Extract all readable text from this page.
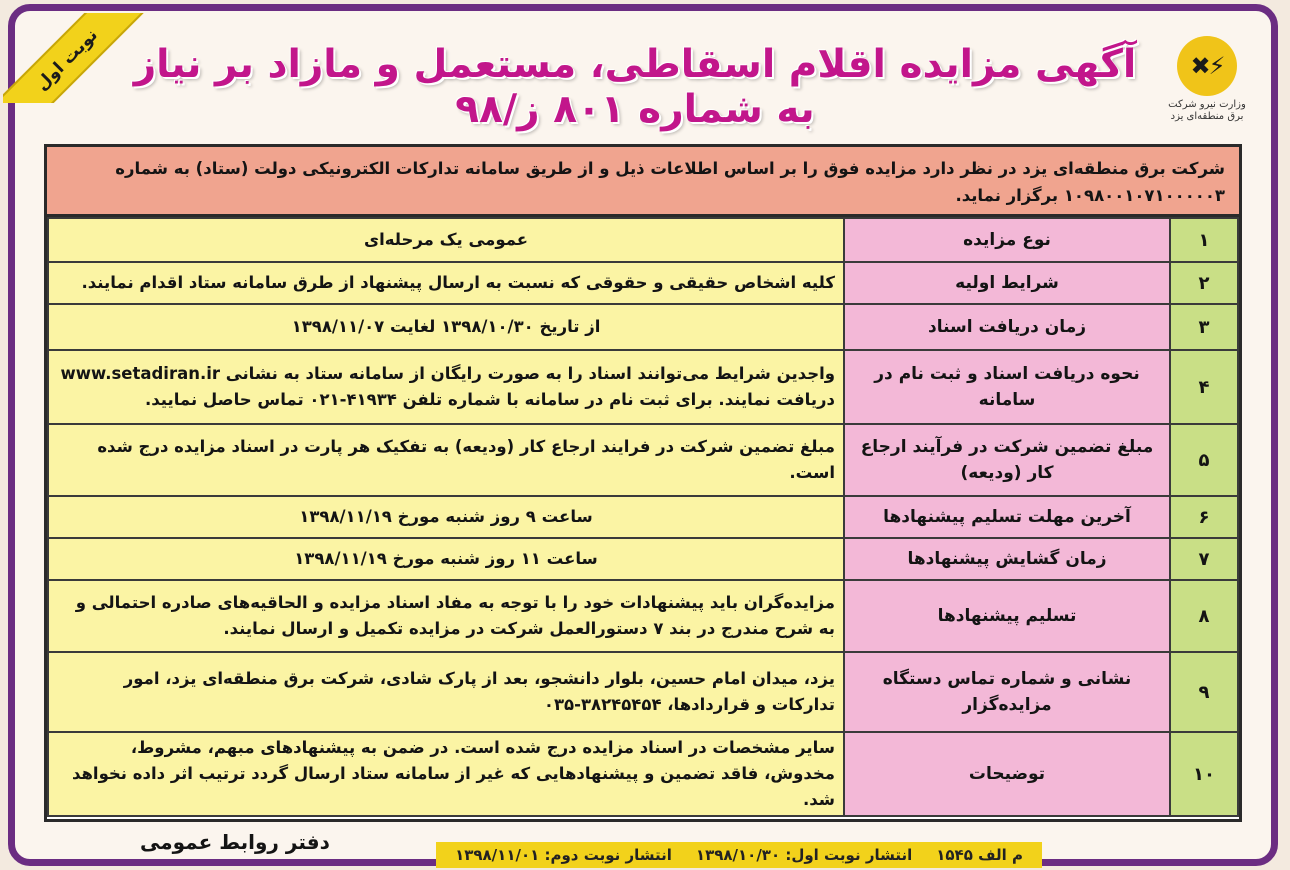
نوبت اول آگهی مزایده اقلام اسقاطی، مستعمل و مازاد بر نیاز به شماره ۸۰۱ ز/۹۸
✖⚡
وزارت نیرو شرکت
برق منطقه‌ای یزد
شرکت برق منطقه‌ای یزد در نظر دارد مزایده فوق را بر اساس اطلاعات ذیل و از طریق سامانه تدارکات الکترونیکی دولت (ستاد) به شماره ۱۰۹۸۰۰۱۰۷۱۰۰۰۰۰۳ برگزار نماید.
۱	نوع مزایده	عمومی یک مرحله‌ای
۲	شرایط اولیه	کلیه اشخاص حقیقی و حقوقی که نسبت به ارسال پیشنهاد از طرق سامانه ستاد اقدام نمایند.
۳	زمان دریافت اسناد	از تاریخ ۱۳۹۸/۱۰/۳۰ لغایت ۱۳۹۸/۱۱/۰۷
۴	نحوه دریافت اسناد و ثبت نام در سامانه	واجدین شرایط می‌توانند اسناد را به صورت رایگان از سامانه ستاد به نشانی www.setadiran.ir دریافت نمایند. برای ثبت نام در سامانه با شماره تلفن ۴۱۹۳۴-۰۲۱ تماس حاصل نمایید.
۵	مبلغ تضمین شرکت در فرآیند ارجاع کار (ودیعه)	مبلغ تضمین شرکت در فرایند ارجاع کار (ودیعه) به تفکیک هر پارت در اسناد مزایده درج شده است.
۶	آخرین مهلت تسلیم پیشنهادها	ساعت ۹ روز شنبه مورخ ۱۳۹۸/۱۱/۱۹
۷	زمان گشایش پیشنهادها	ساعت ۱۱ روز شنبه مورخ ۱۳۹۸/۱۱/۱۹
۸	تسلیم پیشنهادها	مزایده‌گران باید پیشنهادات خود را با توجه به مفاد اسناد مزایده و الحاقیه‌های صادره احتمالی و به شرح مندرج در بند ۷ دستورالعمل شرکت در مزایده تکمیل و ارسال نمایند.
۹	نشانی و شماره تماس دستگاه مزایده‌گزار	یزد، میدان امام حسین، بلوار دانشجو، بعد از پارک شادی، شرکت برق منطقه‌ای یزد، امور تدارکات و قراردادها، ۳۸۲۴۵۴۵۴-۰۳۵
۱۰	توضیحات	سایر مشخصات در اسناد مزایده درج شده است. در ضمن به پیشنهادهای مبهم، مشروط، مخدوش، فاقد تضمین و پیشنهادهایی که غیر از سامانه ستاد ارسال گردد ترتیب اثر داده نخواهد شد.
دفتر روابط عمومی
م الف ۱۵۴۵
انتشار نوبت اول: ۱۳۹۸/۱۰/۳۰
انتشار نوبت دوم: ۱۳۹۸/۱۱/۰۱
